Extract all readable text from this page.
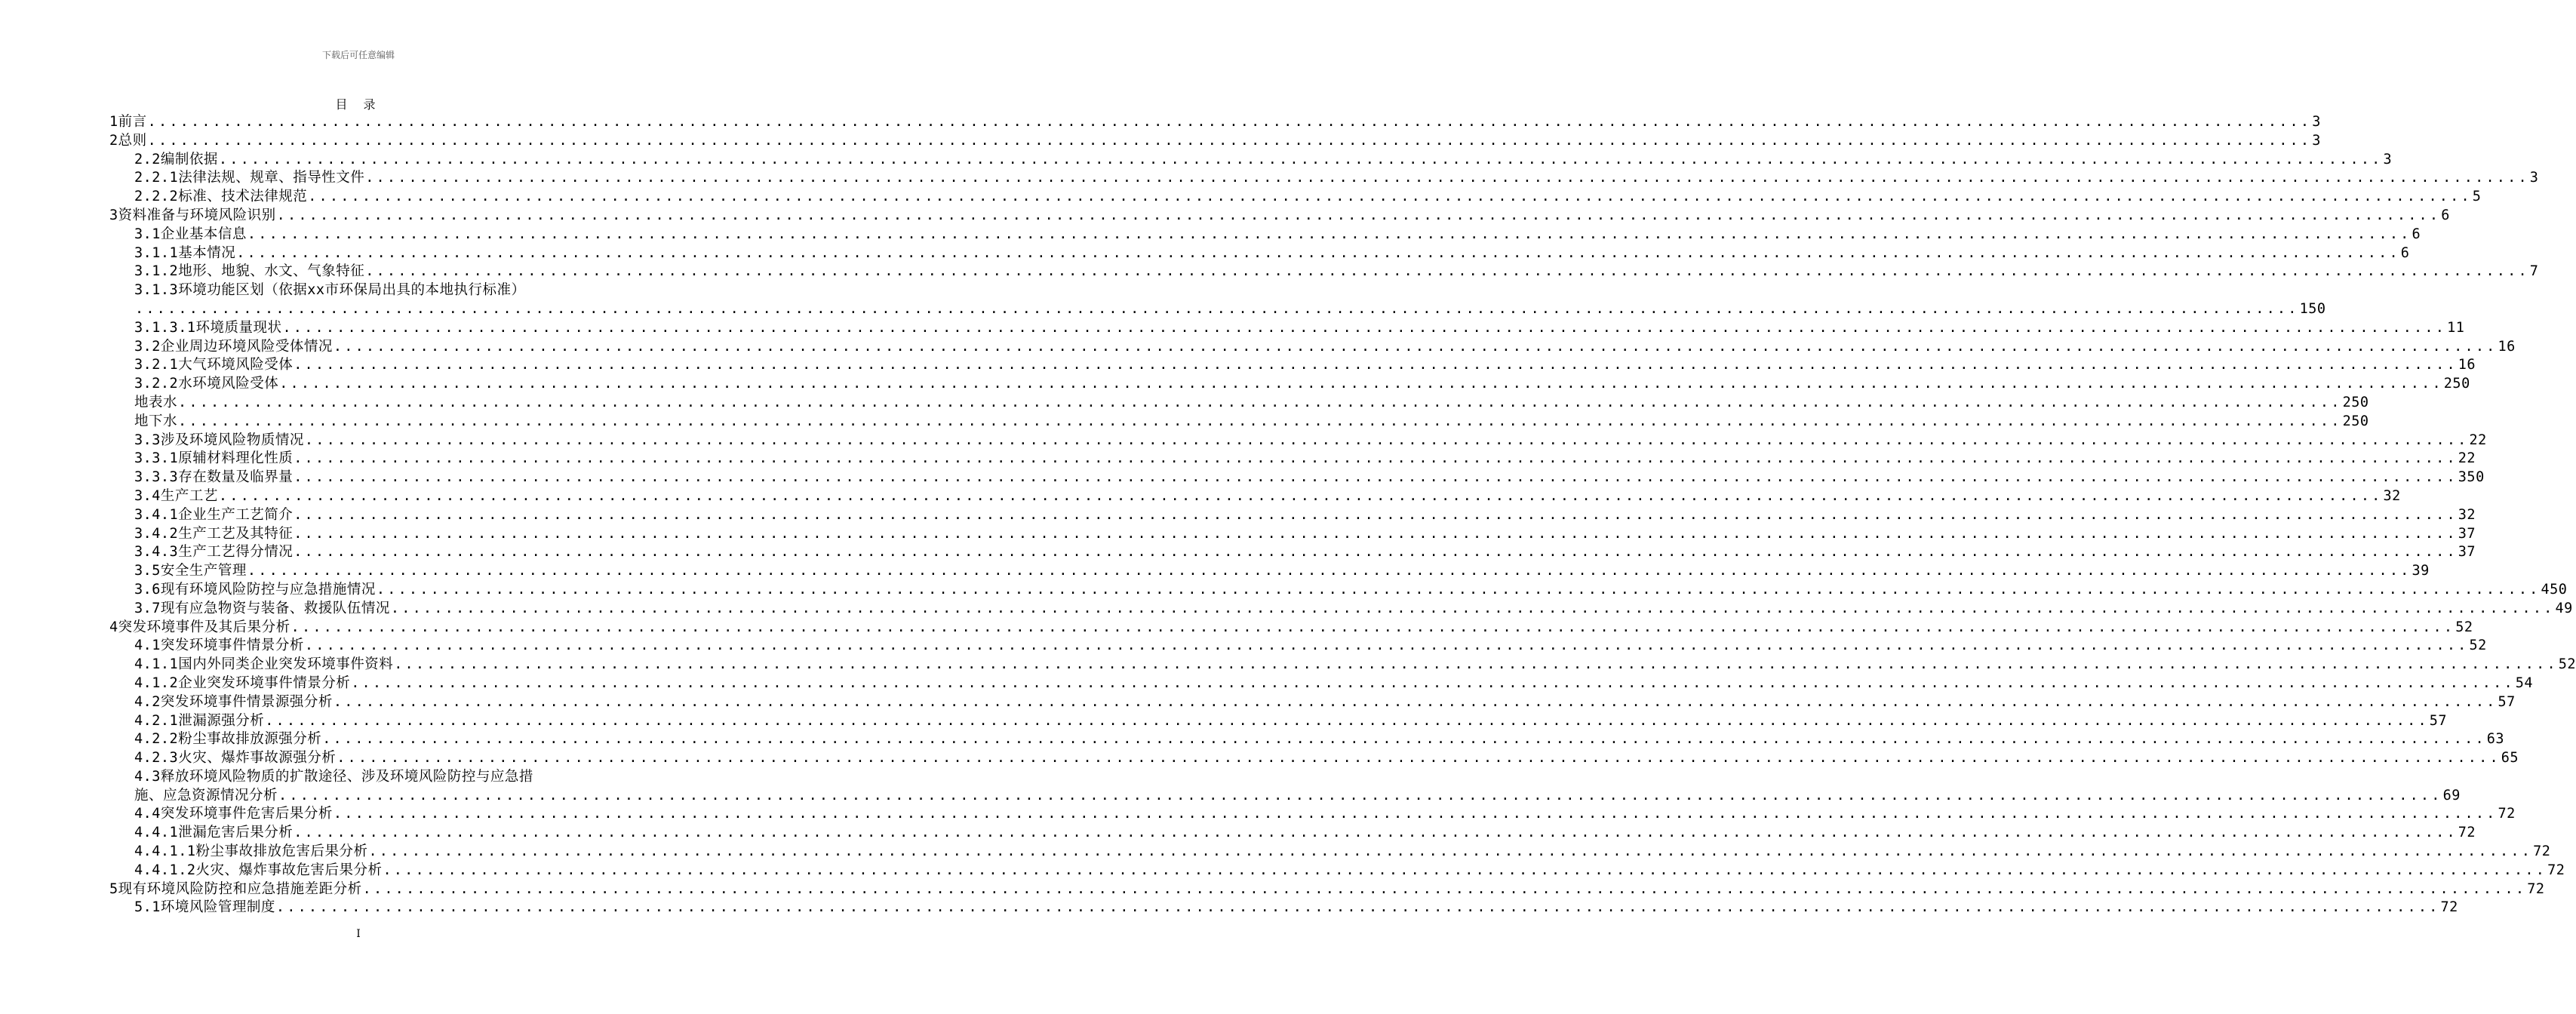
下载后可任意编辑
目 录
1前言 ........................................................................................................................................................................................................ 3
2总则 ........................................................................................................................................................................................................ 3
2.2编制依据 ........................................................................................................................................................................................................ 3
2.2.1法律法规、规章、指导性文件 ........................................................................................................................................................................................................ 3
2.2.2标准、技术法律规范 ........................................................................................................................................................................................................ 5
3资料准备与环境风险识别 ........................................................................................................................................................................................................ 6
3.1企业基本信息 ........................................................................................................................................................................................................ 6
3.1.1基本情况 ........................................................................................................................................................................................................ 6
3.1.2地形、地貌、水文、气象特征 ........................................................................................................................................................................................................ 7
3.1.3环境功能区划（依据xx市环保局出具的本地执行标准）
........................................................................................................................................................................................................ 150
3.1.3.1环境质量现状 ........................................................................................................................................................................................................ 11
3.2企业周边环境风险受体情况 ........................................................................................................................................................................................................ 16
3.2.1大气环境风险受体 ........................................................................................................................................................................................................ 16
3.2.2水环境风险受体 ........................................................................................................................................................................................................ 250
地表水 ........................................................................................................................................................................................................ 250
地下水 ........................................................................................................................................................................................................ 250
3.3涉及环境风险物质情况 ........................................................................................................................................................................................................ 22
3.3.1原辅材料理化性质 ........................................................................................................................................................................................................ 22
3.3.3存在数量及临界量 ........................................................................................................................................................................................................ 350
3.4生产工艺 ........................................................................................................................................................................................................ 32
3.4.1企业生产工艺简介 ........................................................................................................................................................................................................ 32
3.4.2生产工艺及其特征 ........................................................................................................................................................................................................ 37
3.4.3生产工艺得分情况 ........................................................................................................................................................................................................ 37
3.5安全生产管理 ........................................................................................................................................................................................................ 39
3.6现有环境风险防控与应急措施情况 ........................................................................................................................................................................................................ 450
3.7现有应急物资与装备、救援队伍情况 ........................................................................................................................................................................................................ 49
4突发环境事件及其后果分析 ........................................................................................................................................................................................................ 52
4.1突发环境事件情景分析 ........................................................................................................................................................................................................ 52
4.1.1国内外同类企业突发环境事件资料 ........................................................................................................................................................................................................ 52
4.1.2企业突发环境事件情景分析 ........................................................................................................................................................................................................ 54
4.2突发环境事件情景源强分析 ........................................................................................................................................................................................................ 57
4.2.1泄漏源强分析 ........................................................................................................................................................................................................ 57
4.2.2粉尘事故排放源强分析 ........................................................................................................................................................................................................ 63
4.2.3火灾、爆炸事故源强分析 ........................................................................................................................................................................................................ 65
4.3释放环境风险物质的扩散途径、涉及环境风险防控与应急措
施、应急资源情况分析 ........................................................................................................................................................................................................ 69
4.4突发环境事件危害后果分析 ........................................................................................................................................................................................................ 72
4.4.1泄漏危害后果分析 ........................................................................................................................................................................................................ 72
4.4.1.1粉尘事故排放危害后果分析 ........................................................................................................................................................................................................ 72
4.4.1.2火灾、爆炸事故危害后果分析 ........................................................................................................................................................................................................ 72
5现有环境风险防控和应急措施差距分析 ........................................................................................................................................................................................................ 72
5.1环境风险管理制度 ........................................................................................................................................................................................................ 72
I
